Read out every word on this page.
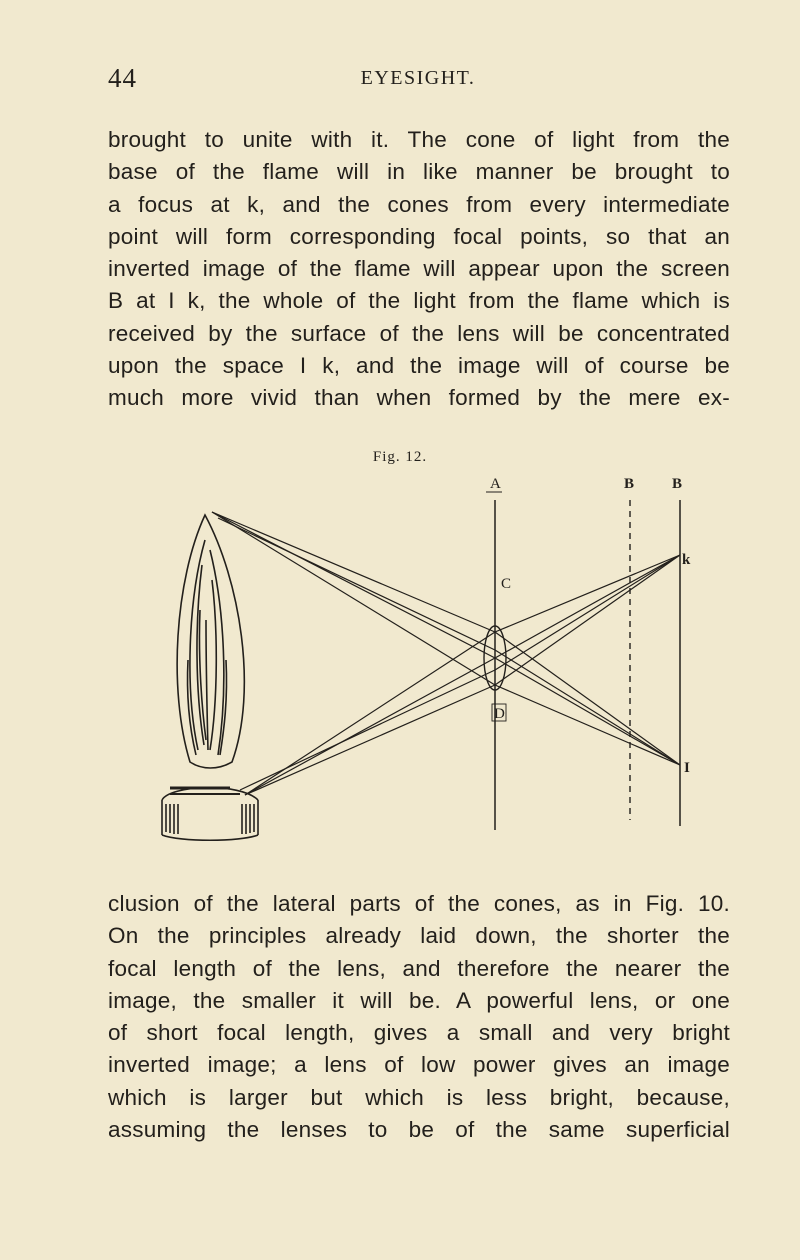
44	EYESIGHT.
brought to unite with it. The cone of light from the
base of the flame will in like manner be brought to
a focus at k, and the cones from every intermediate
point will form corresponding focal points, so that an
inverted image of the flame will appear upon the screen
B at I k, the whole of the light from the flame which is
received by the surface of the lens will be concentrated
upon the space I k, and the image will of course be
much more vivid than when formed by the mere ex-
Fig. 12.
A	B	B
C
D
k
I
clusion of the lateral parts of the cones, as in Fig. 10.
On the principles already laid down, the shorter the
focal length of the lens, and therefore the nearer the
image, the smaller it will be. A powerful lens, or one
of short focal length, gives a small and very bright
inverted image; a lens of low power gives an image
which is larger but which is less bright, because,
assuming the lenses to be of the same superficial
